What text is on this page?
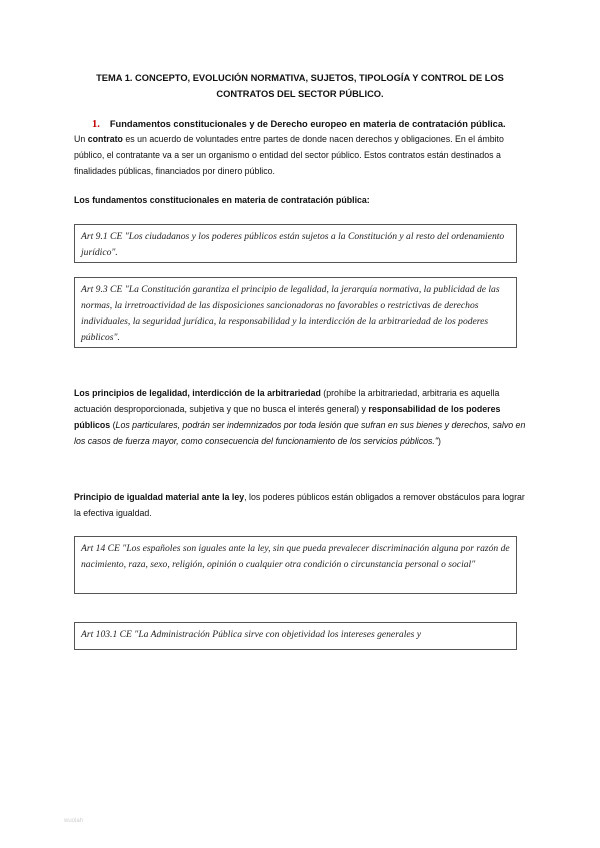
TEMA 1. CONCEPTO, EVOLUCIÓN NORMATIVA, SUJETOS, TIPOLOGÍA Y CONTROL DE LOS
CONTRATOS DEL SECTOR PÚBLICO.
1. Fundamentos constitucionales y de Derecho europeo en materia de contratación pública.
Un contrato es un acuerdo de voluntades entre partes de donde nacen derechos y obligaciones. En el ámbito público, el contratante va a ser un organismo o entidad del sector público. Estos contratos están destinados a finalidades públicas, financiados por dinero público.
Los fundamentos constitucionales en materia de contratación pública:
Art 9.1 CE "Los ciudadanos y los poderes públicos están sujetos a la Constitución y al resto del ordenamiento jurídico".
Art 9.3 CE "La Constitución garantiza el principio de legalidad, la jerarquía normativa, la publicidad de las normas, la irretroactividad de las disposiciones sancionadoras no favorables o restrictivas de derechos individuales, la seguridad jurídica, la responsabilidad y la interdicción de la arbitrariedad de los poderes públicos".
Los principios de legalidad, interdicción de la arbitrariedad (prohíbe la arbitrariedad, arbitraria es aquella actuación desproporcionada, subjetiva y que no busca el interés general) y responsabilidad de los poderes públicos (Los particulares, podrán ser indemnizados por toda lesión que sufran en sus bienes y derechos, salvo en los casos de fuerza mayor, como consecuencia del funcionamiento de los servicios públicos.")
Principio de igualdad material ante la ley, los poderes públicos están obligados a remover obstáculos para lograr la efectiva igualdad.
Art 14 CE "Los españoles son iguales ante la ley, sin que pueda prevalecer discriminación alguna por razón de nacimiento, raza, sexo, religión, opinión o cualquier otra condición o circunstancia personal o social"
Art 103.1 CE "La Administración Pública sirve con objetividad los intereses generales y
wuolah
